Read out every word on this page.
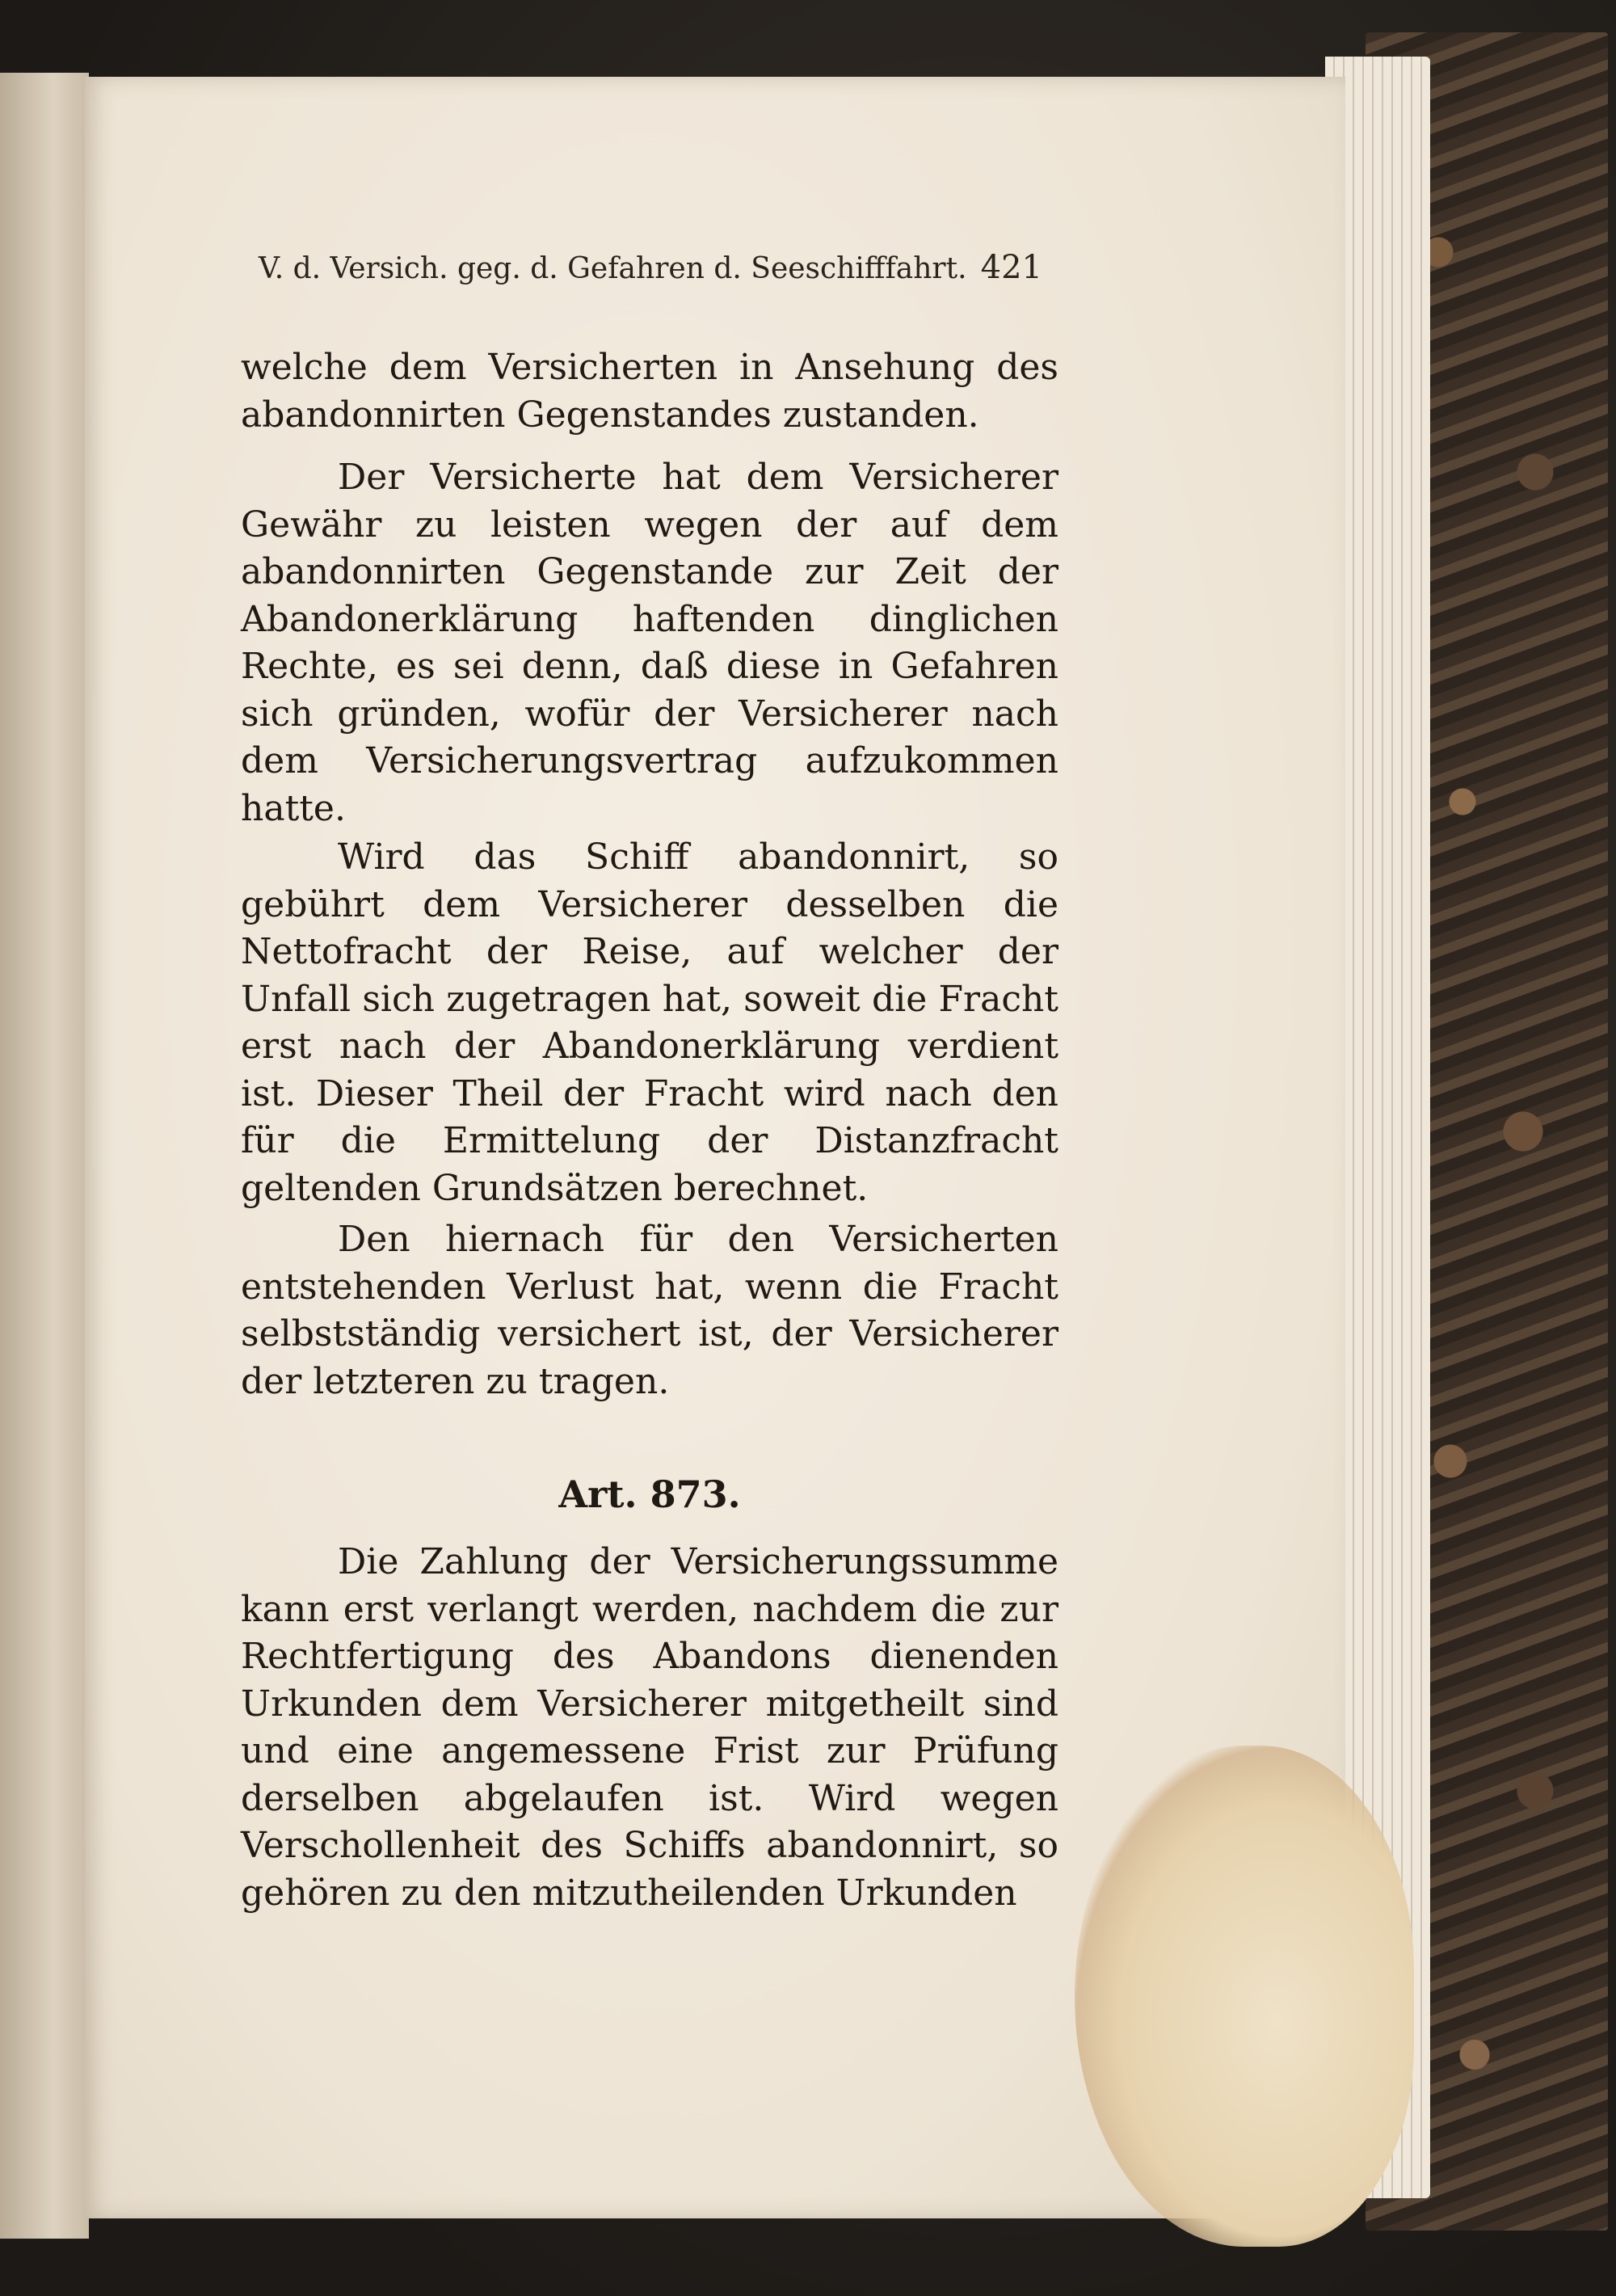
V. d. Versich. geg. d. Gefahren d. Seeschifffahrt. 421

welche dem Versicherten in Ansehung des abandonnirten Gegenstandes zustanden.

Der Versicherte hat dem Versicherer Gewähr zu leisten wegen der auf dem abandonnirten Gegenstande zur Zeit der Abandonerklärung haftenden dinglichen Rechte, es sei denn, daß diese in Gefahren sich gründen, wofür der Versicherer nach dem Versicherungsvertrag aufzukommen hatte.

Wird das Schiff abandonnirt, so gebührt dem Versicherer desselben die Nettofracht der Reise, auf welcher der Unfall sich zugetragen hat, soweit die Fracht erst nach der Abandonerklärung verdient ist. Dieser Theil der Fracht wird nach den für die Ermittelung der Distanzfracht geltenden Grundsätzen berechnet.

Den hiernach für den Versicherten entstehenden Verlust hat, wenn die Fracht selbstständig versichert ist, der Versicherer der letzteren zu tragen.

Art. 873.

Die Zahlung der Versicherungssumme kann erst verlangt werden, nachdem die zur Rechtfertigung des Abandons dienenden Urkunden dem Versicherer mitgetheilt sind und eine angemessene Frist zur Prüfung derselben abgelaufen ist. Wird wegen Verschollenheit des Schiffs abandonnirt, so gehören zu den mitzutheilenden Urkunden
